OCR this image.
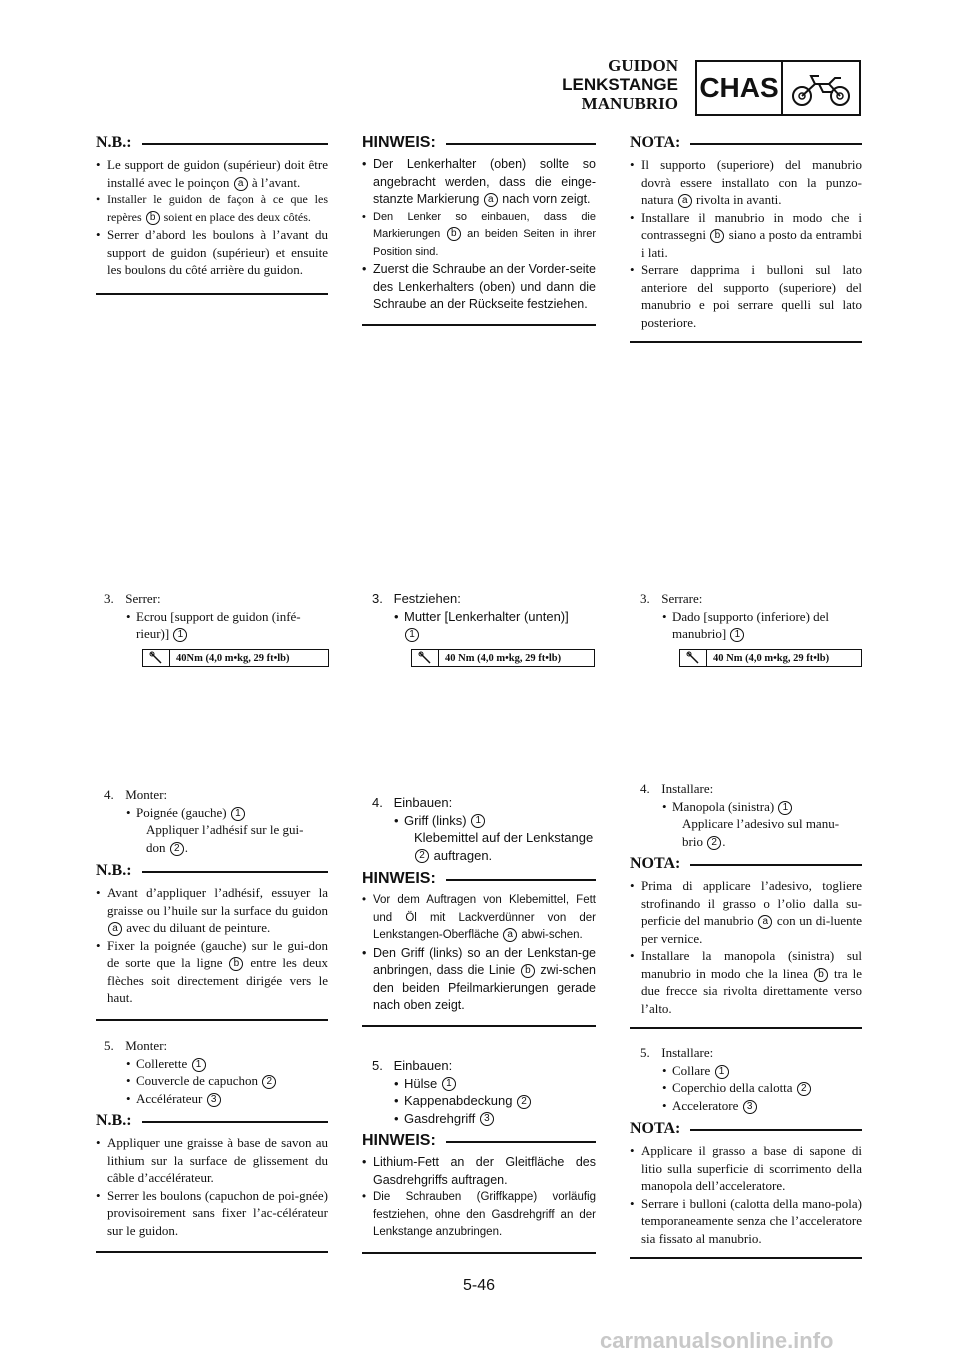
GUIDON
LENKSTANGE
MANUBRIO
CHAS
N.B.:
• Le support de guidon (supérieur) doit être installé avec le poinçon a à l’avant.
• Installer le guidon de façon à ce que les repères b soient en place des deux côtés.
• Serrer d’abord les boulons à l’avant du support de guidon (supérieur) et ensuite les boulons du côté arrière du guidon.
3. Serrer:
• Ecrou [support de guidon (infé-
rieur)] 1
40Nm (4,0 m•kg, 29 ft•lb)
4. Monter:
• Poignée (gauche) 1
Appliquer l’adhésif sur le gui-
don 2 .
N.B.:
• Avant d’appliquer l’adhésif, essuyer la graisse ou l’huile sur la surface du guidon a avec du diluant de peinture.
• Fixer la poignée (gauche) sur le gui-don de sorte que la ligne b entre les deux flèches soit directement dirigée vers le haut.
5. Monter:
• Collerette 1
• Couvercle de capuchon 2
• Accélérateur 3
N.B.:
• Appliquer une graisse à base de savon au lithium sur la surface de glissement du câble d’accélérateur.
• Serrer les boulons (capuchon de poi-gnée) provisoirement sans fixer l’ac-célérateur sur le guidon.
HINWEIS:
• Der Lenkerhalter (oben) sollte so angebracht werden, dass die einge-stanzte Markierung a nach vorn zeigt.
• Den Lenker so einbauen, dass die Markierungen b an beiden Seiten in ihrer Position sind.
• Zuerst die Schraube an der Vorder-seite des Lenkerhalters (oben) und dann die Schraube an der Rückseite festziehen.
3. Festziehen:
• Mutter [Lenkerhalter (unten)]
1
40 Nm (4,0 m•kg, 29 ft•lb)
4. Einbauen:
• Griff (links) 1
Klebemittel auf der Lenkstange
2 auftragen.
HINWEIS:
• Vor dem Auftragen von Klebemittel, Fett und Öl mit Lackverdünner von der Lenkstangen-Oberfläche a abwi-schen.
• Den Griff (links) so an der Lenkstan-ge anbringen, dass die Linie b zwi-schen den beiden Pfeilmarkierungen gerade nach oben zeigt.
5. Einbauen:
• Hülse 1
• Kappenabdeckung 2
• Gasdrehgriff 3
HINWEIS:
• Lithium-Fett an der Gleitfläche des Gasdrehgriffs auftragen.
• Die Schrauben (Griffkappe) vorläufig festziehen, ohne den Gasdrehgriff an der Lenkstange anzubringen.
NOTA:
• Il supporto (superiore) del manubrio dovrà essere installato con la punzo-natura a rivolta in avanti.
• Installare il manubrio in modo che i contrassegni b siano a posto da entrambi i lati.
• Serrare dapprima i bulloni sul lato anteriore del supporto (superiore) del manubrio e poi serrare quelli sul lato posteriore.
3. Serrare:
• Dado [supporto (inferiore) del
manubrio] 1
40 Nm (4,0 m•kg, 29 ft•lb)
4. Installare:
• Manopola (sinistra) 1
Applicare l’adesivo sul manu-
brio 2 .
NOTA:
• Prima di applicare l’adesivo, togliere strofinando il grasso o l’olio dalla su-perficie del manubrio a con un di-luente per vernice.
• Installare la manopola (sinistra) sul manubrio in modo che la linea b tra le due frecce sia rivolta direttamente verso l’alto.
5. Installare:
• Collare 1
• Coperchio della calotta 2
• Acceleratore 3
NOTA:
• Applicare il grasso a base di sapone di litio sulla superficie di scorrimento della manopola dell’acceleratore.
• Serrare i bulloni (calotta della mano-pola) temporaneamente senza che l’acceleratore sia fissato al manubrio.
5-46
carmanualsonline.info
